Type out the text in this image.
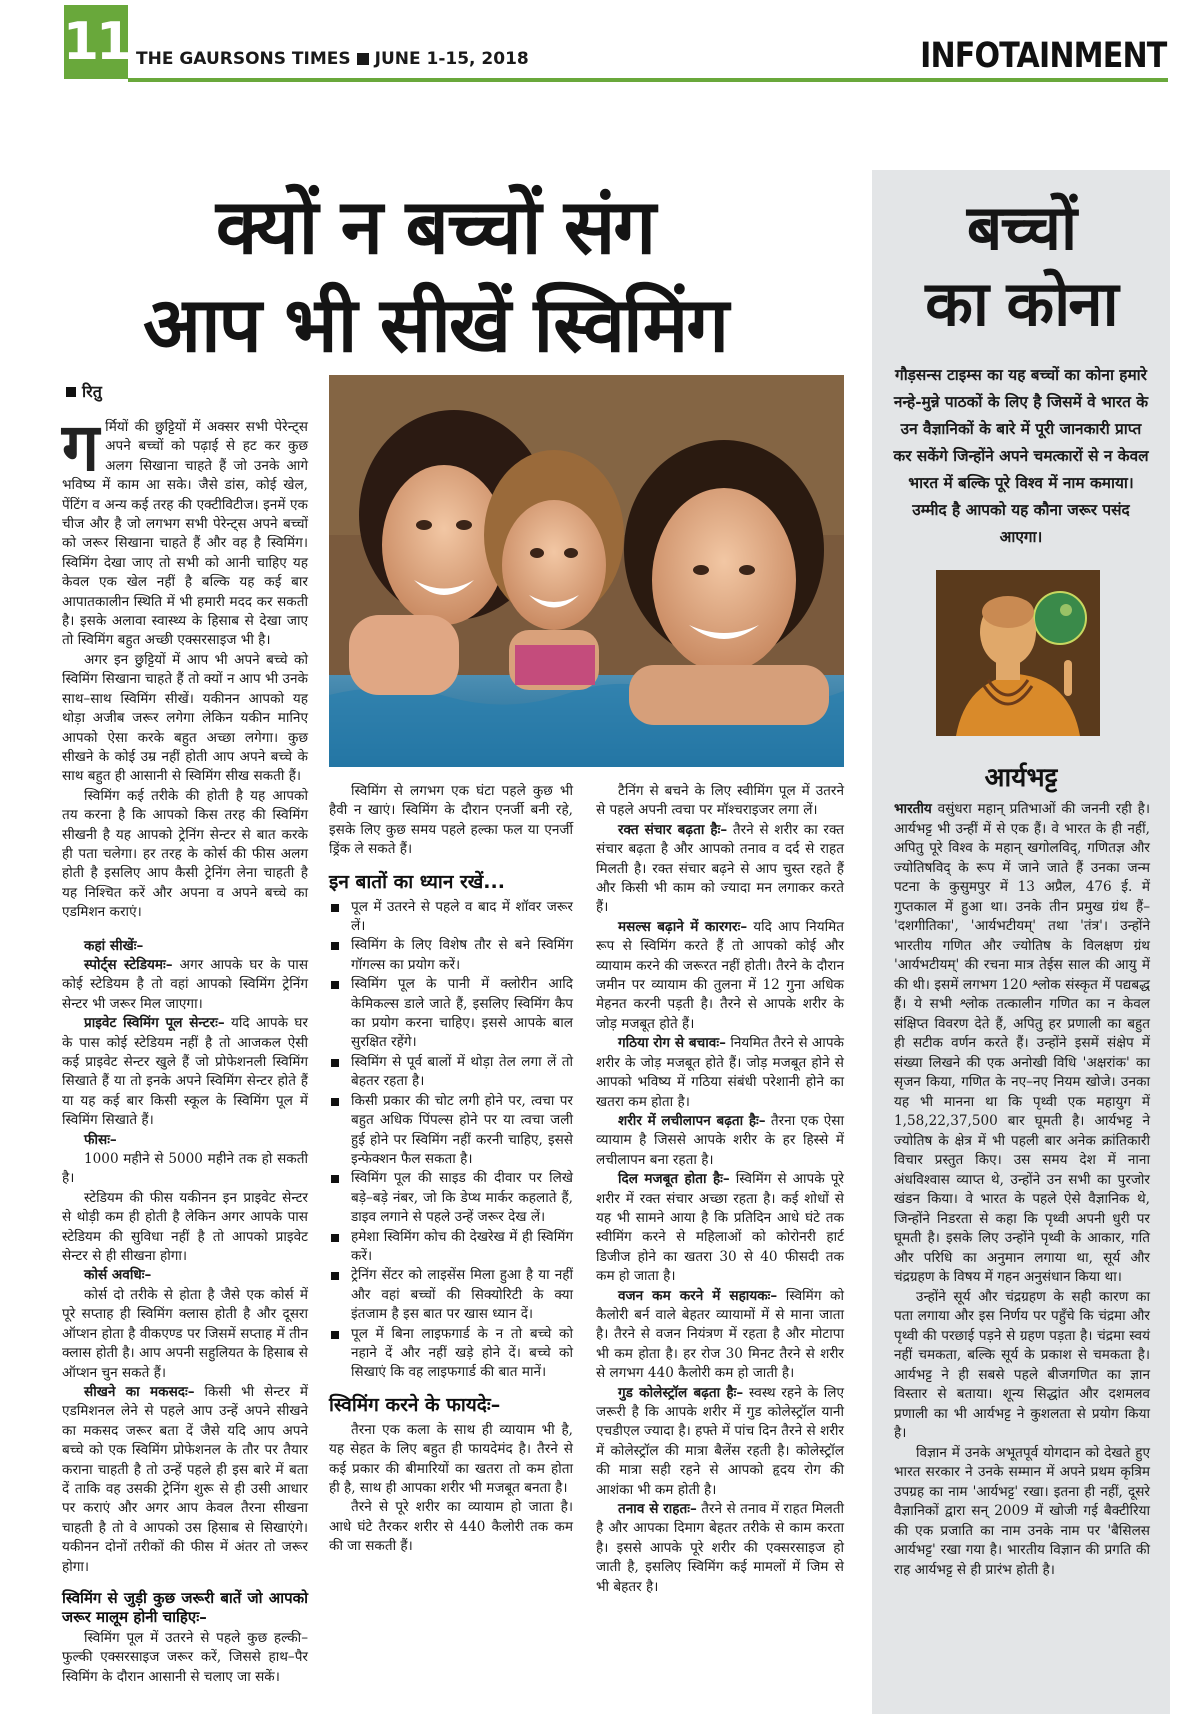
11 THE GAURSONS TIMES JUNE 1-15, 2018	INFOTAINMENT
क्यों न बच्चों संग
आप भी सीखें स्विमिंग
रितु
ग र्मियों की छुट्टियों में अक्सर सभी पेरेन्ट्स अपने बच्चों को पढ़ाई से हट कर कुछ अलग सिखाना चाहते हैं जो उनके आगे भविष्य में काम आ सके। जैसे डांस, कोई खेल, पेंटिंग व अन्य कई तरह की एक्टीविटीज। इनमें एक चीज और है जो लगभग सभी पेरेन्ट्स अपने बच्चों को जरूर सिखाना चाहते हैं और वह है स्विमिंग। स्विमिंग देखा जाए तो सभी को आनी चाहिए यह केवल एक खेल नहीं है बल्कि यह कई बार आपातकालीन स्थिति में भी हमारी मदद कर सकती है। इसके अलावा स्वास्थ्य के हिसाब से देखा जाए तो स्विमिंग बहुत अच्छी एक्सरसाइज भी है।

अगर इन छुट्टियों में आप भी अपने बच्चे को स्विमिंग सिखाना चाहते हैं तो क्यों न आप भी उनके साथ–साथ स्विमिंग सीखें। यकीनन आपको यह थोड़ा अजीब जरूर लगेगा लेकिन यकीन मानिए आपको ऐसा करके बहुत अच्छा लगेगा। कुछ सीखने के कोई उम्र नहीं होती आप अपने बच्चे के साथ बहुत ही आसानी से स्विमिंग सीख सकती हैं।

स्विमिंग कई तरीके की होती है यह आपको तय करना है कि आपको किस तरह की स्विमिंग सीखनी है यह आपको ट्रेनिंग सेन्टर से बात करके ही पता चलेगा। हर तरह के कोर्स की फीस अलग होती है इसलिए आप कैसी ट्रेनिंग लेना चाहती है यह निश्चित करें और अपना व अपने बच्चे का एडमिशन कराएं।

कहां सीखेंः–

स्पोर्ट्स स्टेडियमः– अगर आपके घर के पास कोई स्टेडियम है तो वहां आपको स्विमिंग ट्रेनिंग सेन्टर भी जरूर मिल जाएगा।

प्राइवेट स्विमिंग पूल सेन्टरः– यदि आपके घर के पास कोई स्टेडियम नहीं है तो आजकल ऐसी कई प्राइवेट सेन्टर खुले हैं जो प्रोफेशनली स्विमिंग सिखाते हैं या तो इनके अपने स्विमिंग सेन्टर होते हैं या यह कई बार किसी स्कूल के स्विमिंग पूल में स्विमिंग सिखाते हैं।

फीसः–

1000 महीने से 5000 महीने तक हो सकती है।

स्टेडियम की फीस यकीनन इन प्राइवेट सेन्टर से थोड़ी कम ही होती है लेकिन अगर आपके पास स्टेडियम की सुविधा नहीं है तो आपको प्राइवेट सेन्टर से ही सीखना होगा।

कोर्स अवधिः–

कोर्स दो तरीके से होता है जैसे एक कोर्स में पूरे सप्ताह ही स्विमिंग क्लास होती है और दूसरा ऑप्शन होता है वीकएण्ड पर जिसमें सप्ताह में तीन क्लास होती है। आप अपनी सहुलियत के हिसाब से ऑप्शन चुन सकते हैं।

सीखने का मकसदः– किसी भी सेन्टर में एडमिशनल लेने से पहले आप उन्हें अपने सीखने का मकसद जरूर बता दें जैसे यदि आप अपने बच्चे को एक स्विमिंग प्रोफेशनल के तौर पर तैयार कराना चाहती है तो उन्हें पहले ही इस बारे में बता दें ताकि वह उसकी ट्रेनिंग शुरू से ही उसी आधार पर कराएं और अगर आप केवल तैरना सीखना चाहती है तो वे आपको उस हिसाब से सिखाएंगे। यकीनन दोनों तरीकों की फीस में अंतर तो जरूर होगा।

स्विमिंग से जुड़ी कुछ जरूरी बातें जो आपको जरूर मालूम होनी चाहिएः–

स्विमिंग पूल में उतरने से पहले कुछ हल्की–फुल्की एक्सरसाइज जरूर करें, जिससे हाथ–पैर स्विमिंग के दौरान आसानी से चलाए जा सकें।

स्विमिंग से लगभग एक घंटा पहले कुछ भी हैवी न खाएं। स्विमिंग के दौरान एनर्जी बनी रहे, इसके लिए कुछ समय पहले हल्का फल या एनर्जी ड्रिंक ले सकते हैं।

इन बातों का ध्यान रखें...
पूल में उतरने से पहले व बाद में शॉवर जरूर लें।
स्विमिंग के लिए विशेष तौर से बने स्विमिंग गॉगल्स का प्रयोग करें।
स्विमिंग पूल के पानी में क्लोरीन आदि केमिकल्स डाले जाते हैं, इसलिए स्विमिंग कैप का प्रयोग करना चाहिए। इससे आपके बाल सुरक्षित रहेंगे।
स्विमिंग से पूर्व बालों में थोड़ा तेल लगा लें तो बेहतर रहता है।
किसी प्रकार की चोट लगी होने पर, त्वचा पर बहुत अधिक पिंपल्स होने पर या त्वचा जली हुई होने पर स्विमिंग नहीं करनी चाहिए, इससे इन्फेक्शन फैल सकता है।
स्विमिंग पूल की साइड की दीवार पर लिखे बड़े–बड़े नंबर, जो कि डेप्थ मार्कर कहलाते हैं, डाइव लगाने से पहले उन्हें जरूर देख लें।
हमेशा स्विमिंग कोच की देखरेख में ही स्विमिंग करें।
ट्रेनिंग सेंटर को लाइसेंस मिला हुआ है या नहीं और वहां बच्चों की सिक्योरिटी के क्या इंतजाम है इस बात पर खास ध्यान दें।
पूल में बिना लाइफगार्ड के न तो बच्चे को नहाने दें और नहीं खड़े होने दें। बच्चे को सिखाएं कि वह लाइफगार्ड की बात मानें।
स्विमिंग करने के फायदेः–

तैरना एक कला के साथ ही व्यायाम भी है, यह सेहत के लिए बहुत ही फायदेमंद है। तैरने से कई प्रकार की बीमारियों का खतरा तो कम होता ही है, साथ ही आपका शरीर भी मजबूत बनता है।

तैरने से पूरे शरीर का व्यायाम हो जाता है। आधे घंटे तैरकर शरीर से 440 कैलोरी तक कम की जा सकती हैं।

टैनिंग से बचने के लिए स्वीमिंग पूल में उतरने से पहले अपनी त्वचा पर मॉश्चराइजर लगा लें।

रक्त संचार बढ़ता हैः– तैरने से शरीर का रक्त संचार बढ़ता है और आपको तनाव व दर्द से राहत मिलती है। रक्त संचार बढ़ने से आप चुस्त रहते हैं और किसी भी काम को ज्यादा मन लगाकर करते हैं।

मसल्स बढ़ाने में कारगरः– यदि आप नियमित रूप से स्विमिंग करते हैं तो आपको कोई और व्यायाम करने की जरूरत नहीं होती। तैरने के दौरान जमीन पर व्यायाम की तुलना में 12 गुना अधिक मेहनत करनी पड़ती है। तैरने से आपके शरीर के जोड़ मजबूत होते हैं।

गठिया रोग से बचावः– नियमित तैरने से आपके शरीर के जोड़ मजबूत होते हैं। जोड़ मजबूत होने से आपको भविष्य में गठिया संबंधी परेशानी होने का खतरा कम होता है।

शरीर में लचीलापन बढ़ता हैः– तैरना एक ऐसा व्यायाम है जिससे आपके शरीर के हर हिस्से में लचीलापन बना रहता है।

दिल मजबूत होता हैः– स्विमिंग से आपके पूरे शरीर में रक्त संचार अच्छा रहता है। कई शोधों से यह भी सामने आया है कि प्रतिदिन आधे घंटे तक स्वीमिंग करने से महिलाओं को कोरोनरी हार्ट डिजीज होने का खतरा 30 से 40 फीसदी तक कम हो जाता है।

वजन कम करने में सहायकः– स्विमिंग को कैलोरी बर्न वाले बेहतर व्यायामों में से माना जाता है। तैरने से वजन नियंत्रण में रहता है और मोटापा भी कम होता है। हर रोज 30 मिनट तैरने से शरीर से लगभग 440 कैलोरी कम हो जाती है।

गुड कोलेस्ट्रॉल बढ़ता हैः– स्वस्थ रहने के लिए जरूरी है कि आपके शरीर में गुड कोलेस्ट्रॉल यानी एचडीएल ज्यादा है। हफ्ते में पांच दिन तैरने से शरीर में कोलेस्ट्रॉल की मात्रा बैलेंस रहती है। कोलेस्ट्रॉल की मात्रा सही रहने से आपको हृदय रोग की आशंका भी कम होती है।

तनाव से राहतः– तैरने से तनाव में राहत मिलती है और आपका दिमाग बेहतर तरीके से काम करता है। इससे आपके पूरे शरीर की एक्सरसाइज हो जाती है, इसलिए स्विमिंग कई मामलों में जिम से भी बेहतर है।

बच्चों
का कोना
गौड़सन्स टाइम्स का यह बच्चों का कोना हमारे नन्हे-मुन्ने पाठकों के लिए है जिसमें वे भारत के उन वैज्ञानिकों के बारे में पूरी जानकारी प्राप्त कर सकेंगे जिन्होंने अपने चमत्कारों से न केवल भारत में बल्कि पूरे विश्व में नाम कमाया। उम्मीद है आपको यह कौना जरूर पसंद आएगा।
आर्यभट्ट

भारतीय वसुंधरा महान् प्रतिभाओं की जननी रही है। आर्यभट्ट भी उन्हीं में से एक हैं। वे भारत के ही नहीं, अपितु पूरे विश्व के महान् खगोलविद्, गणितज्ञ और ज्योतिषविद् के रूप में जाने जाते हैं उनका जन्म पटना के कुसुमपुर में 13 अप्रैल, 476 ई. में गुप्तकाल में हुआ था। उनके तीन प्रमुख ग्रंथ हैं– 'दशगीतिका', 'आर्यभटीयम्' तथा 'तंत्र'। उन्होंने भारतीय गणित और ज्योतिष के विलक्षण ग्रंथ 'आर्यभटीयम्' की रचना मात्र तेईस साल की आयु में की थी। इसमें लगभग 120 श्लोक संस्कृत में पद्यबद्ध हैं। ये सभी श्लोक तत्कालीन गणित का न केवल संक्षिप्त विवरण देते हैं, अपितु हर प्रणाली का बहुत ही सटीक वर्णन करते हैं। उन्होंने इसमें संक्षेप में संख्या लिखने की एक अनोखी विधि 'अक्षरांक' का सृजन किया, गणित के नए–नए नियम खोजे। उनका यह भी मानना था कि पृथ्वी एक महायुग में 1,58,22,37,500 बार घूमती है। आर्यभट्ट ने ज्योतिष के क्षेत्र में भी पहली बार अनेक क्रांतिकारी विचार प्रस्तुत किए। उस समय देश में नाना अंधविश्वास व्याप्त थे, उन्होंने उन सभी का पुरजोर खंडन किया। वे भारत के पहले ऐसे वैज्ञानिक थे, जिन्होंने निडरता से कहा कि पृथ्वी अपनी धुरी पर घूमती है। इसके लिए उन्होंने पृथ्वी के आकार, गति और परिधि का अनुमान लगाया था, सूर्य और चंद्रग्रहण के विषय में गहन अनुसंधान किया था।

उन्होंने सूर्य और चंद्रग्रहण के सही कारण का पता लगाया और इस निर्णय पर पहुँचे कि चंद्रमा और पृथ्वी की परछाई पड़ने से ग्रहण पड़ता है। चंद्रमा स्वयं नहीं चमकता, बल्कि सूर्य के प्रकाश से चमकता है। आर्यभट्ट ने ही सबसे पहले बीजगणित का ज्ञान विस्तार से बताया। शून्य सिद्धांत और दशमलव प्रणाली का भी आर्यभट्ट ने कुशलता से प्रयोग किया है।

विज्ञान में उनके अभूतपूर्व योगदान को देखते हुए भारत सरकार ने उनके सम्मान में अपने प्रथम कृत्रिम उपग्रह का नाम 'आर्यभट्ट' रखा। इतना ही नहीं, दूसरे वैज्ञानिकों द्वारा सन् 2009 में खोजी गई बैक्टीरिया की एक प्रजाति का नाम उनके नाम पर 'बैसिलस आर्यभट्ट' रखा गया है। भारतीय विज्ञान की प्रगति की राह आर्यभट्ट से ही प्रारंभ होती है।
